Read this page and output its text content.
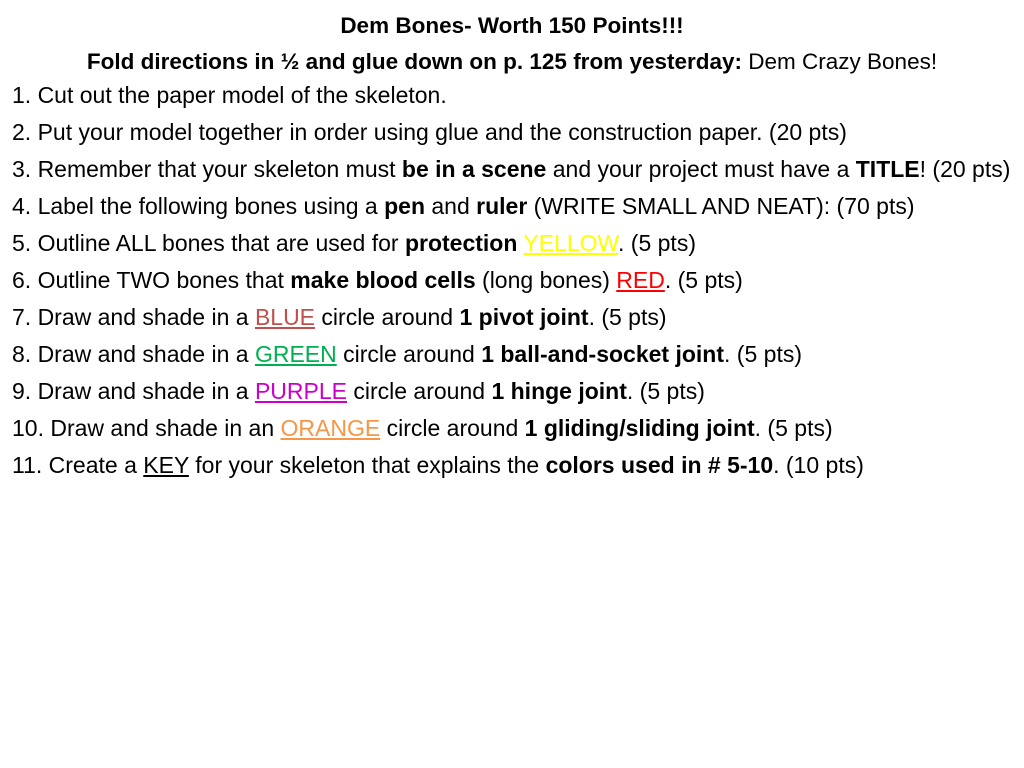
Dem Bones- Worth 150 Points!!!
Fold directions in ½ and glue down on p. 125 from yesterday: Dem Crazy Bones!
1. Cut out the paper model of the skeleton.
2. Put your model together in order using glue and the construction paper. (20 pts)
3. Remember that your skeleton must be in a scene and your project must have a TITLE! (20 pts)
4. Label the following bones using a pen and ruler (WRITE SMALL AND NEAT): (70 pts)
5. Outline ALL bones that are used for protection YELLOW. (5 pts)
6. Outline TWO bones that make blood cells (long bones) RED. (5 pts)
7. Draw and shade in a BLUE circle around 1 pivot joint. (5 pts)
8. Draw and shade in a GREEN circle around 1 ball-and-socket joint. (5 pts)
9. Draw and shade in a PURPLE circle around 1 hinge joint. (5 pts)
10. Draw and shade in an ORANGE circle around 1 gliding/sliding joint. (5 pts)
11. Create a KEY for your skeleton that explains the colors used in # 5-10. (10 pts)
